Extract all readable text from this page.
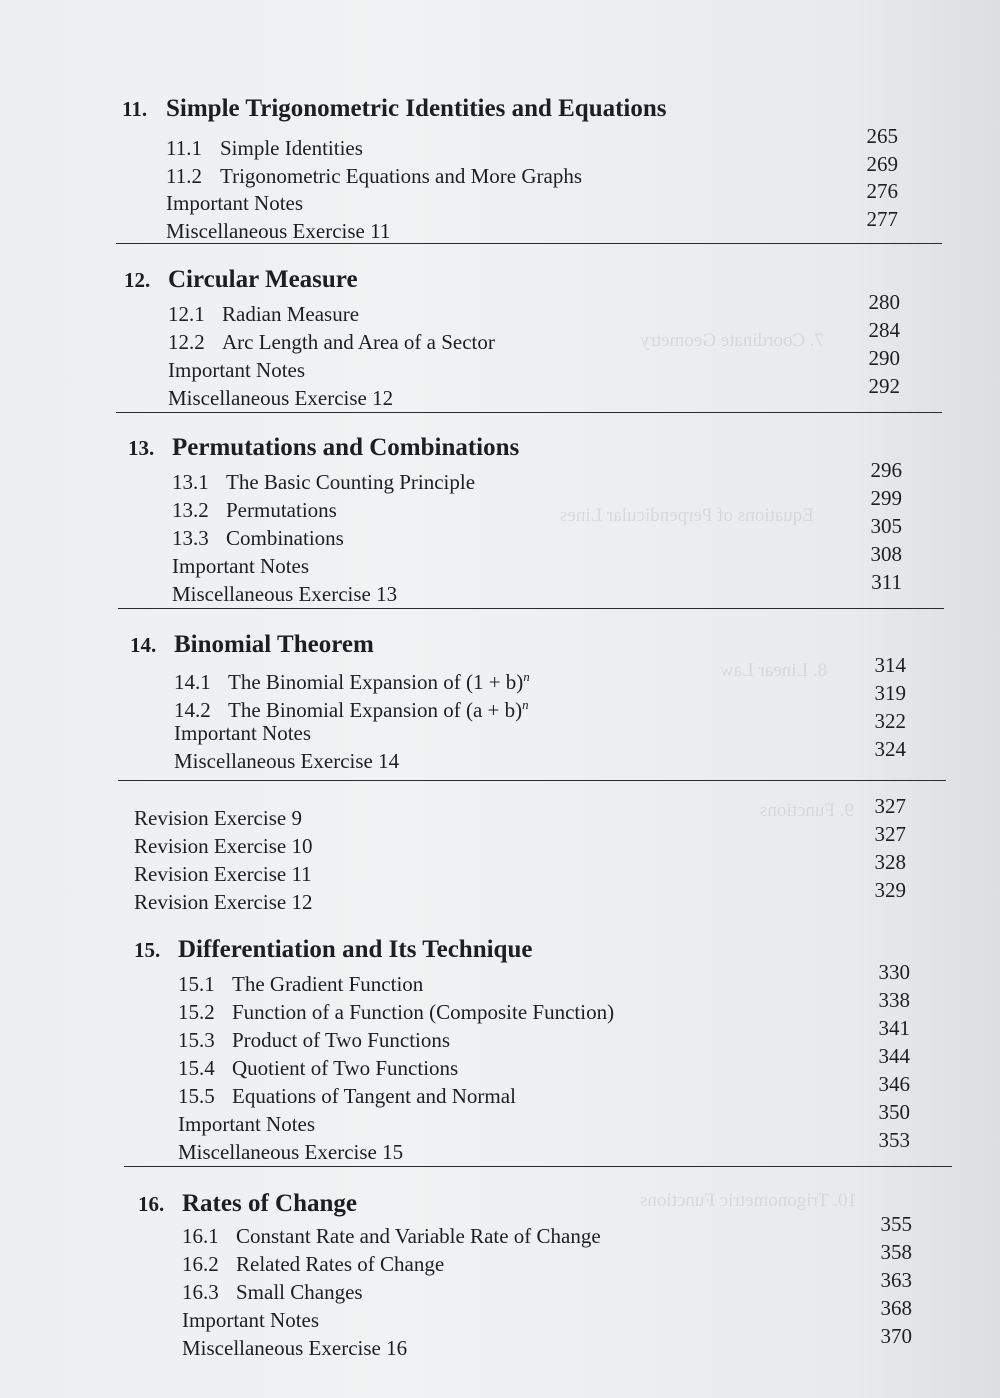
7. Coordinate Geometry
Equations of Perpendicular Lines
8. Linear Law
9. Functions
10. Trigonometric Functions
11. Simple Trigonometric Identities and Equations
11.1 Simple Identities	265
11.2 Trigonometric Equations and More Graphs	269
Important Notes	276
Miscellaneous Exercise 11	277
12. Circular Measure
12.1 Radian Measure	280
12.2 Arc Length and Area of a Sector	284
Important Notes	290
Miscellaneous Exercise 12	292
13. Permutations and Combinations
13.1 The Basic Counting Principle	296
13.2 Permutations	299
13.3 Combinations	305
Important Notes	308
Miscellaneous Exercise 13	311
14. Binomial Theorem
14.1 The Binomial Expansion of $(1 + b)^n$	314
14.2 The Binomial Expansion of $(a + b)^n$	319
Important Notes	322
Miscellaneous Exercise 14	324
Revision Exercise 9	327
Revision Exercise 10	327
Revision Exercise 11	328
Revision Exercise 12	329
15. Differentiation and Its Technique
15.1 The Gradient Function	330
15.2 Function of a Function (Composite Function)	338
15.3 Product of Two Functions	341
15.4 Quotient of Two Functions	344
15.5 Equations of Tangent and Normal	346
Important Notes	350
Miscellaneous Exercise 15	353
16. Rates of Change
16.1 Constant Rate and Variable Rate of Change	355
16.2 Related Rates of Change	358
16.3 Small Changes	363
Important Notes	368
Miscellaneous Exercise 16	370
